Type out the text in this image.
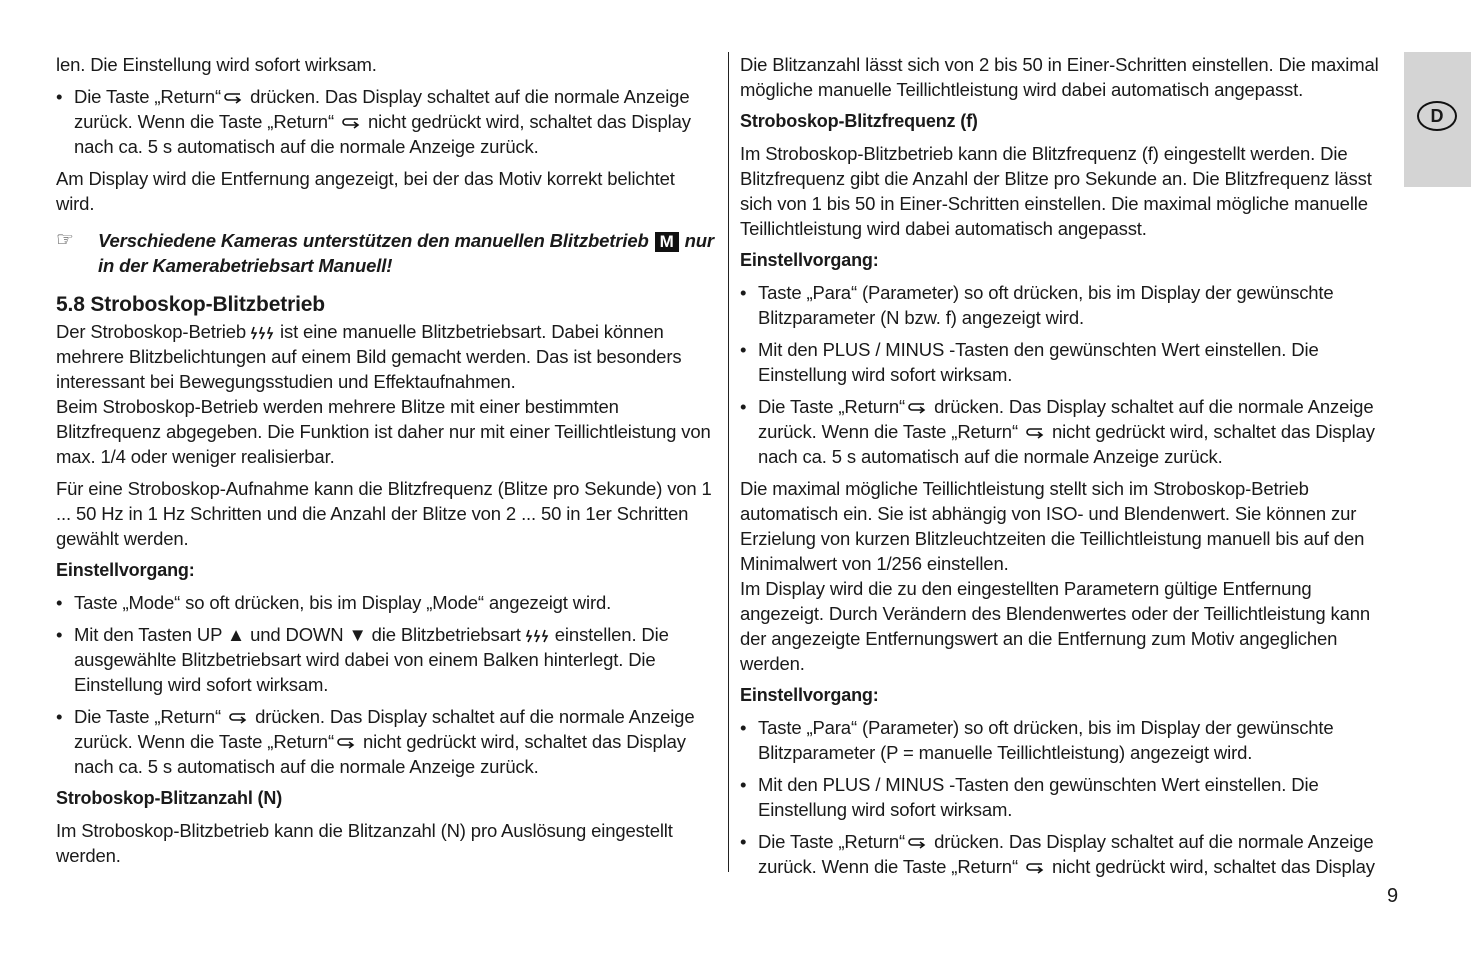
D

len. Die Einstellung wird sofort wirksam.

• Die Taste „Return“ drücken. Das Display schaltet auf die normale Anzeige zurück. Wenn die Taste „Return“ nicht gedrückt wird, schaltet das Display nach ca. 5 s automatisch auf die normale Anzeige zurück.

Am Display wird die Entfernung angezeigt, bei der das Motiv korrekt belichtet wird.

☞	Verschiedene Kameras unterstützen den manuellen Blitzbetrieb M nur in der Kamerabetriebsart Manuell!
5.8 Stroboskop-Blitzbetrieb

Der Stroboskop-Betrieb ist eine manuelle Blitzbetriebsart. Dabei können mehrere Blitzbelichtungen auf einem Bild gemacht werden. Das ist besonders interessant bei Bewegungsstudien und Effektaufnahmen.

Beim Stroboskop-Betrieb werden mehrere Blitze mit einer bestimmten Blitzfrequenz abgegeben. Die Funktion ist daher nur mit einer Teillichtleistung von max. 1/4 oder weniger realisierbar.

Für eine Stroboskop-Aufnahme kann die Blitzfrequenz (Blitze pro Sekunde) von 1 ... 50 Hz in 1 Hz Schritten und die Anzahl der Blitze von 2 ... 50 in 1er Schritten gewählt werden.

Einstellvorgang:
• Taste „Mode“ so oft drücken, bis im Display „Mode“ angezeigt wird.
• Mit den Tasten UP ▲ und DOWN ▼ die Blitzbetriebsart einstellen. Die ausgewählte Blitzbetriebsart wird dabei von einem Balken hinterlegt. Die Einstellung wird sofort wirksam.
• Die Taste „Return“ drücken. Das Display schaltet auf die normale Anzeige zurück. Wenn die Taste „Return“ nicht gedrückt wird, schaltet das Display nach ca. 5 s automatisch auf die normale Anzeige zurück.
Stroboskop-Blitzanzahl (N)

Im Stroboskop-Blitzbetrieb kann die Blitzanzahl (N) pro Auslösung eingestellt werden.

Die Blitzanzahl lässt sich von 2 bis 50 in Einer-Schritten einstellen. Die maximal mögliche manuelle Teillichtleistung wird dabei automatisch angepasst.

Stroboskop-Blitzfrequenz (f)

Im Stroboskop-Blitzbetrieb kann die Blitzfrequenz (f) eingestellt werden. Die Blitzfrequenz gibt die Anzahl der Blitze pro Sekunde an. Die Blitzfrequenz lässt sich von 1 bis 50 in Einer-Schritten einstellen. Die maximal mögliche manuelle Teillichtleistung wird dabei automatisch angepasst.

Einstellvorgang:
• Taste „Para“ (Parameter) so oft drücken, bis im Display der gewünschte Blitzparameter (N bzw. f) angezeigt wird.
• Mit den PLUS / MINUS -Tasten den gewünschten Wert einstellen. Die Einstellung wird sofort wirksam.
• Die Taste „Return“ drücken. Das Display schaltet auf die normale Anzeige zurück. Wenn die Taste „Return“ nicht gedrückt wird, schaltet das Display nach ca. 5 s automatisch auf die normale Anzeige zurück.

Die maximal mögliche Teillichtleistung stellt sich im Stroboskop-Betrieb automatisch ein. Sie ist abhängig von ISO- und Blendenwert. Sie können zur Erzielung von kurzen Blitzleuchtzeiten die Teillichtleistung manuell bis auf den Minimalwert von 1/256 einstellen.

Im Display wird die zu den eingestellten Parametern gültige Entfernung angezeigt. Durch Verändern des Blendenwertes oder der Teillichtleistung kann der angezeigte Entfernungswert an die Entfernung zum Motiv angeglichen werden.

Einstellvorgang:
• Taste „Para“ (Parameter) so oft drücken, bis im Display der gewünschte Blitzparameter (P = manuelle Teillichtleistung) angezeigt wird.
• Mit den PLUS / MINUS -Tasten den gewünschten Wert einstellen. Die Einstellung wird sofort wirksam.
• Die Taste „Return“ drücken. Das Display schaltet auf die normale Anzeige zurück. Wenn die Taste „Return“ nicht gedrückt wird, schaltet das Display
9
